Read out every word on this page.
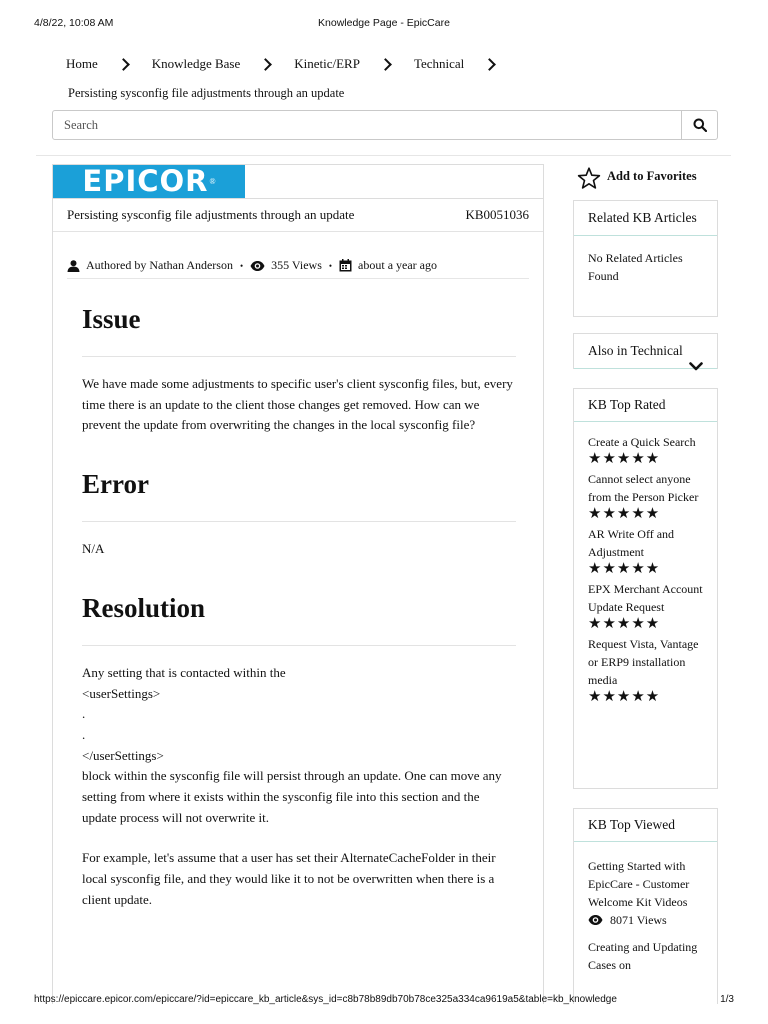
4/8/22, 10:08 AM	Knowledge Page - EpicCare
Home	Knowledge Base	Kinetic/ERP	Technical
Persisting sysconfig file adjustments through an update
Search
EPICOR ®
Persisting sysconfig file adjustments through an update	KB0051036
Authored by Nathan Anderson • 355 Views • about a year ago
Issue

We have made some adjustments to specific user's client sysconfig files, but, every time there is an update to the client those changes get removed. How can we prevent the update from overwriting the changes in the local sysconfig file?

Error

N/A

Resolution

Any setting that is contacted within the
<userSettings>
.
.
</userSettings>
block within the sysconfig file will persist through an update. One can move any setting from where it exists within the sysconfig file into this section and the update process will not overwrite it.

For example, let's assume that a user has set their AlternateCacheFolder in their local sysconfig file, and they would like it to not be overwritten when there is a client update.

Add to Favorites
Related KB Articles
No Related Articles Found
Also in Technical
KB Top Rated
Create a Quick Search
★★★★★
Cannot select anyone from the Person Picker
★★★★★
AR Write Off and Adjustment
★★★★★
EPX Merchant Account Update Request
★★★★★
Request Vista, Vantage or ERP9 installation media
★★★★★
KB Top Viewed
Getting Started with EpicCare - Customer Welcome Kit Videos
8071 Views
Creating and Updating Cases on
https://epiccare.epicor.com/epiccare/?id=epiccare_kb_article&sys_id=c8b78b89db70b78ce325a334ca9619a5&table=kb_knowledge	1/3
